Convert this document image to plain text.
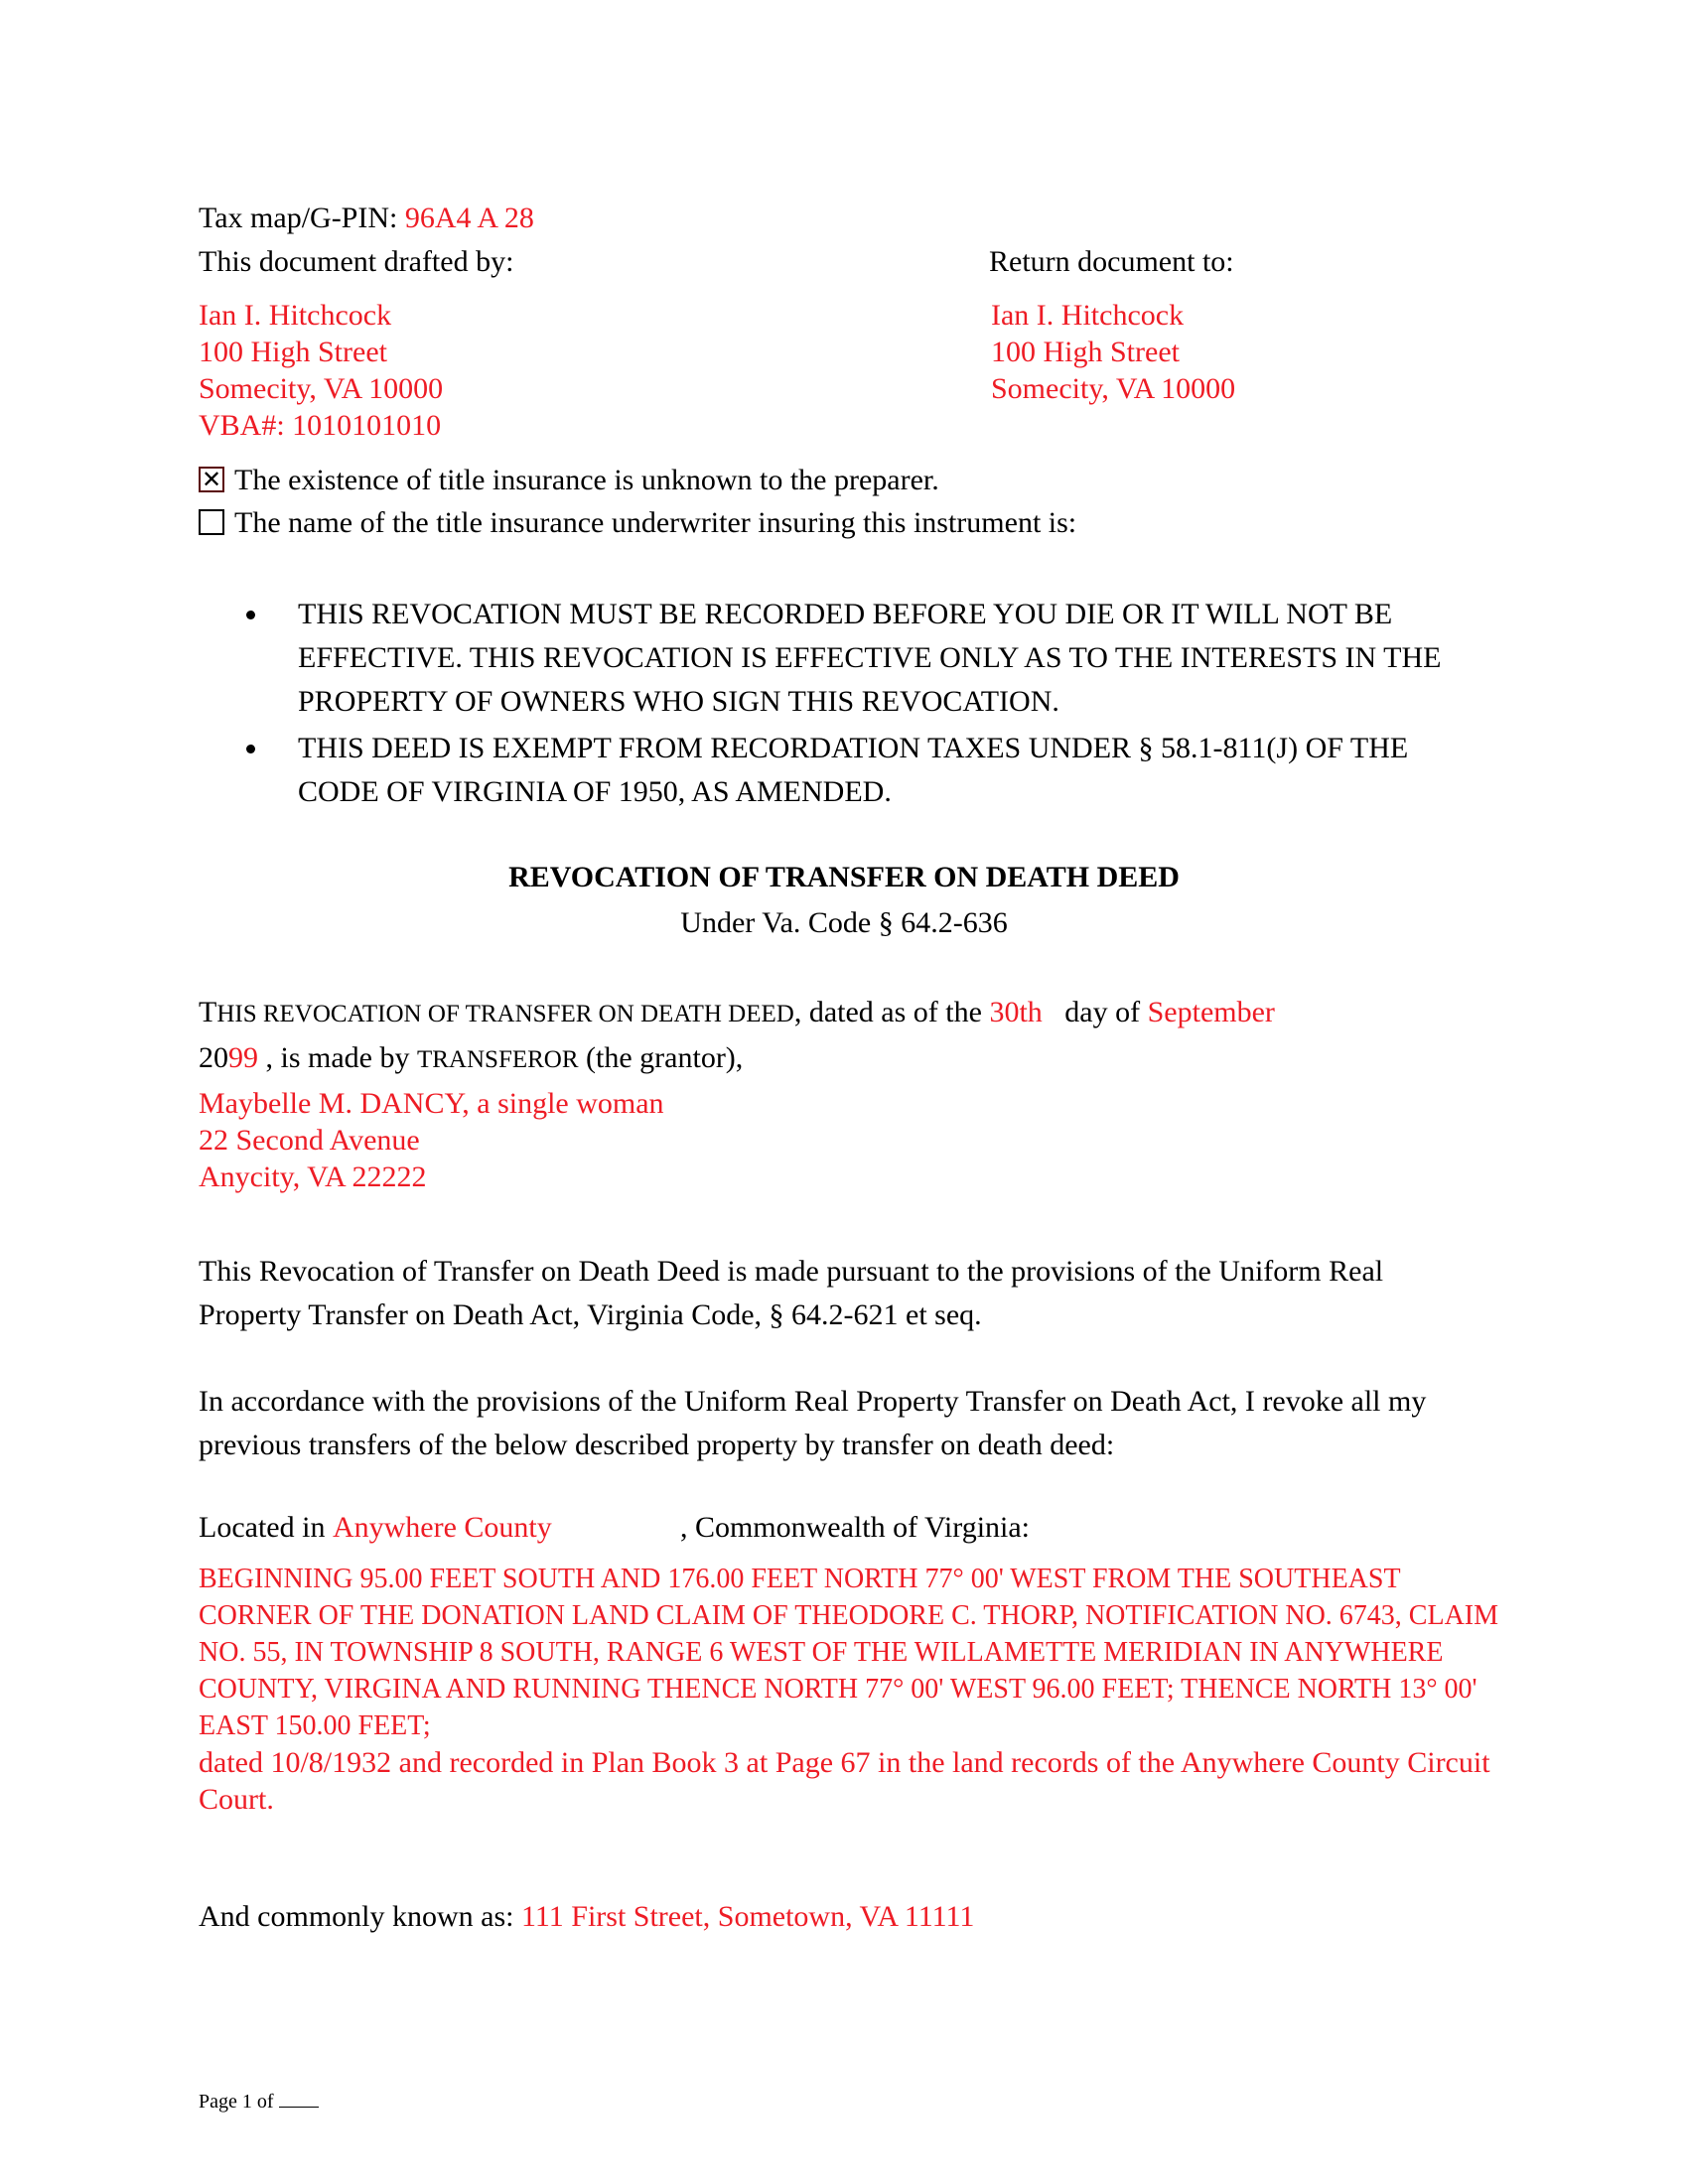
Tax map/G-PIN: 96A4 A 28

This document drafted by:	Return document to:

Ian I. Hitchcock
100 High Street
Somecity, VA 10000
VBA#: 1010101010
Ian I. Hitchcock
100 High Street
Somecity, VA 10000
✕ The existence of title insurance is unknown to the preparer.
The name of the title insurance underwriter insuring this instrument is:
THIS REVOCATION MUST BE RECORDED BEFORE YOU DIE OR IT WILL NOT BE EFFECTIVE. THIS REVOCATION IS EFFECTIVE ONLY AS TO THE INTERESTS IN THE PROPERTY OF OWNERS WHO SIGN THIS REVOCATION.
THIS DEED IS EXEMPT FROM RECORDATION TAXES UNDER § 58.1-811(J) OF THE CODE OF VIRGINIA OF 1950, AS AMENDED.
REVOCATION OF TRANSFER ON DEATH DEED
Under Va. Code § 64.2-636
THIS REVOCATION OF TRANSFER ON DEATH DEED, dated as of the 30th day of September
2099 , is made by TRANSFEROR (the grantor),
Maybelle M. DANCY, a single woman
22 Second Avenue
Anycity, VA 22222

This Revocation of Transfer on Death Deed is made pursuant to the provisions of the Uniform Real Property Transfer on Death Act, Virginia Code, § 64.2-621 et seq.

In accordance with the provisions of the Uniform Real Property Transfer on Death Act, I revoke all my previous transfers of the below described property by transfer on death deed:

Located in Anywhere County	, Commonwealth of Virginia:
BEGINNING 95.00 FEET SOUTH AND 176.00 FEET NORTH 77° 00' WEST FROM THE SOUTHEAST CORNER OF THE DONATION LAND CLAIM OF THEODORE C. THORP, NOTIFICATION NO. 6743, CLAIM NO. 55, IN TOWNSHIP 8 SOUTH, RANGE 6 WEST OF THE WILLAMETTE MERIDIAN IN ANYWHERE COUNTY, VIRGINA AND RUNNING THENCE NORTH 77° 00' WEST 96.00 FEET; THENCE NORTH 13° 00' EAST 150.00 FEET;
dated 10/8/1932 and recorded in Plan Book 3 at Page 67 in the land records of the Anywhere County Circuit Court.
And commonly known as: 111 First Street, Sometown, VA 11111
Page 1 of
